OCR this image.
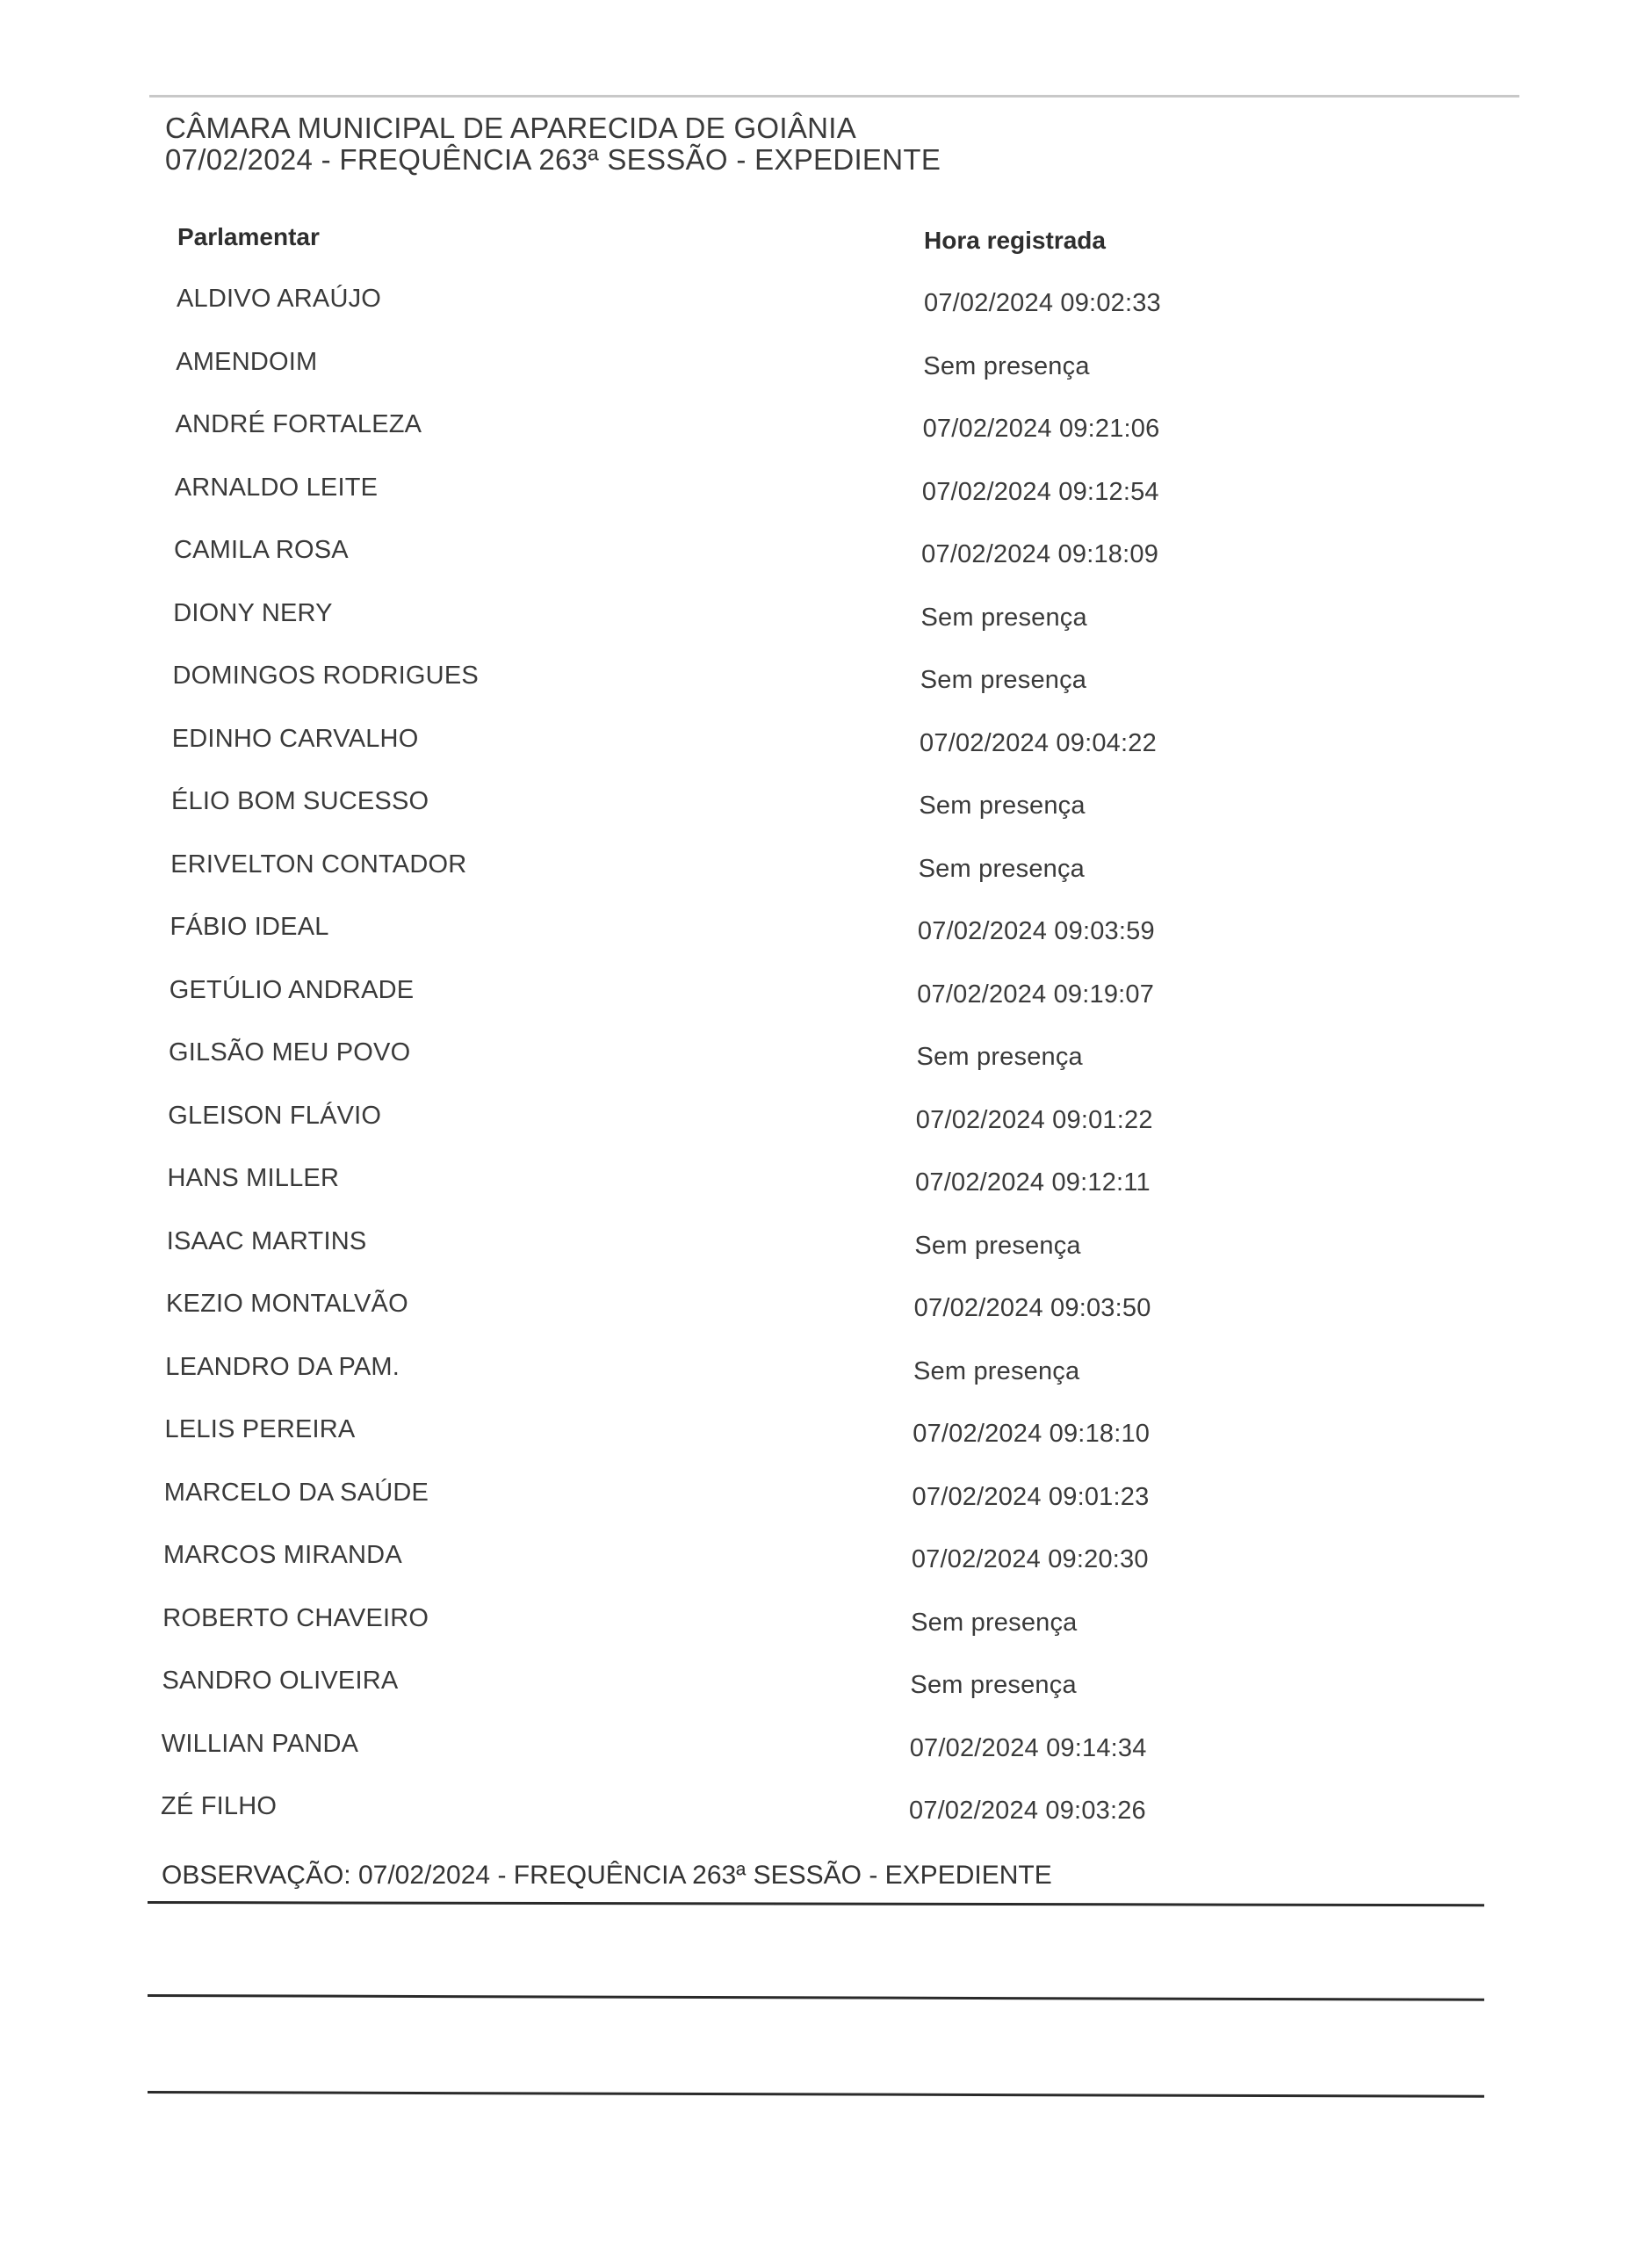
CÂMARA MUNICIPAL DE APARECIDA DE GOIÂNIA
07/02/2024 - FREQUÊNCIA 263ª SESSÃO - EXPEDIENTE
Parlamentar	Hora registrada
ALDIVO ARAÚJO	07/02/2024 09:02:33
AMENDOIM	Sem presença
ANDRÉ FORTALEZA	07/02/2024 09:21:06
ARNALDO LEITE	07/02/2024 09:12:54
CAMILA ROSA	07/02/2024 09:18:09
DIONY NERY	Sem presença
DOMINGOS RODRIGUES	Sem presença
EDINHO CARVALHO	07/02/2024 09:04:22
ÉLIO BOM SUCESSO	Sem presença
ERIVELTON CONTADOR	Sem presença
FÁBIO IDEAL	07/02/2024 09:03:59
GETÚLIO ANDRADE	07/02/2024 09:19:07
GILSÃO MEU POVO	Sem presença
GLEISON FLÁVIO	07/02/2024 09:01:22
HANS MILLER	07/02/2024 09:12:11
ISAAC MARTINS	Sem presença
KEZIO MONTALVÃO	07/02/2024 09:03:50
LEANDRO DA PAM.	Sem presença
LELIS PEREIRA	07/02/2024 09:18:10
MARCELO DA SAÚDE	07/02/2024 09:01:23
MARCOS MIRANDA	07/02/2024 09:20:30
ROBERTO CHAVEIRO	Sem presença
SANDRO OLIVEIRA	Sem presença
WILLIAN PANDA	07/02/2024 09:14:34
ZÉ FILHO	07/02/2024 09:03:26
OBSERVAÇÃO: 07/02/2024 - FREQUÊNCIA 263ª SESSÃO - EXPEDIENTE
